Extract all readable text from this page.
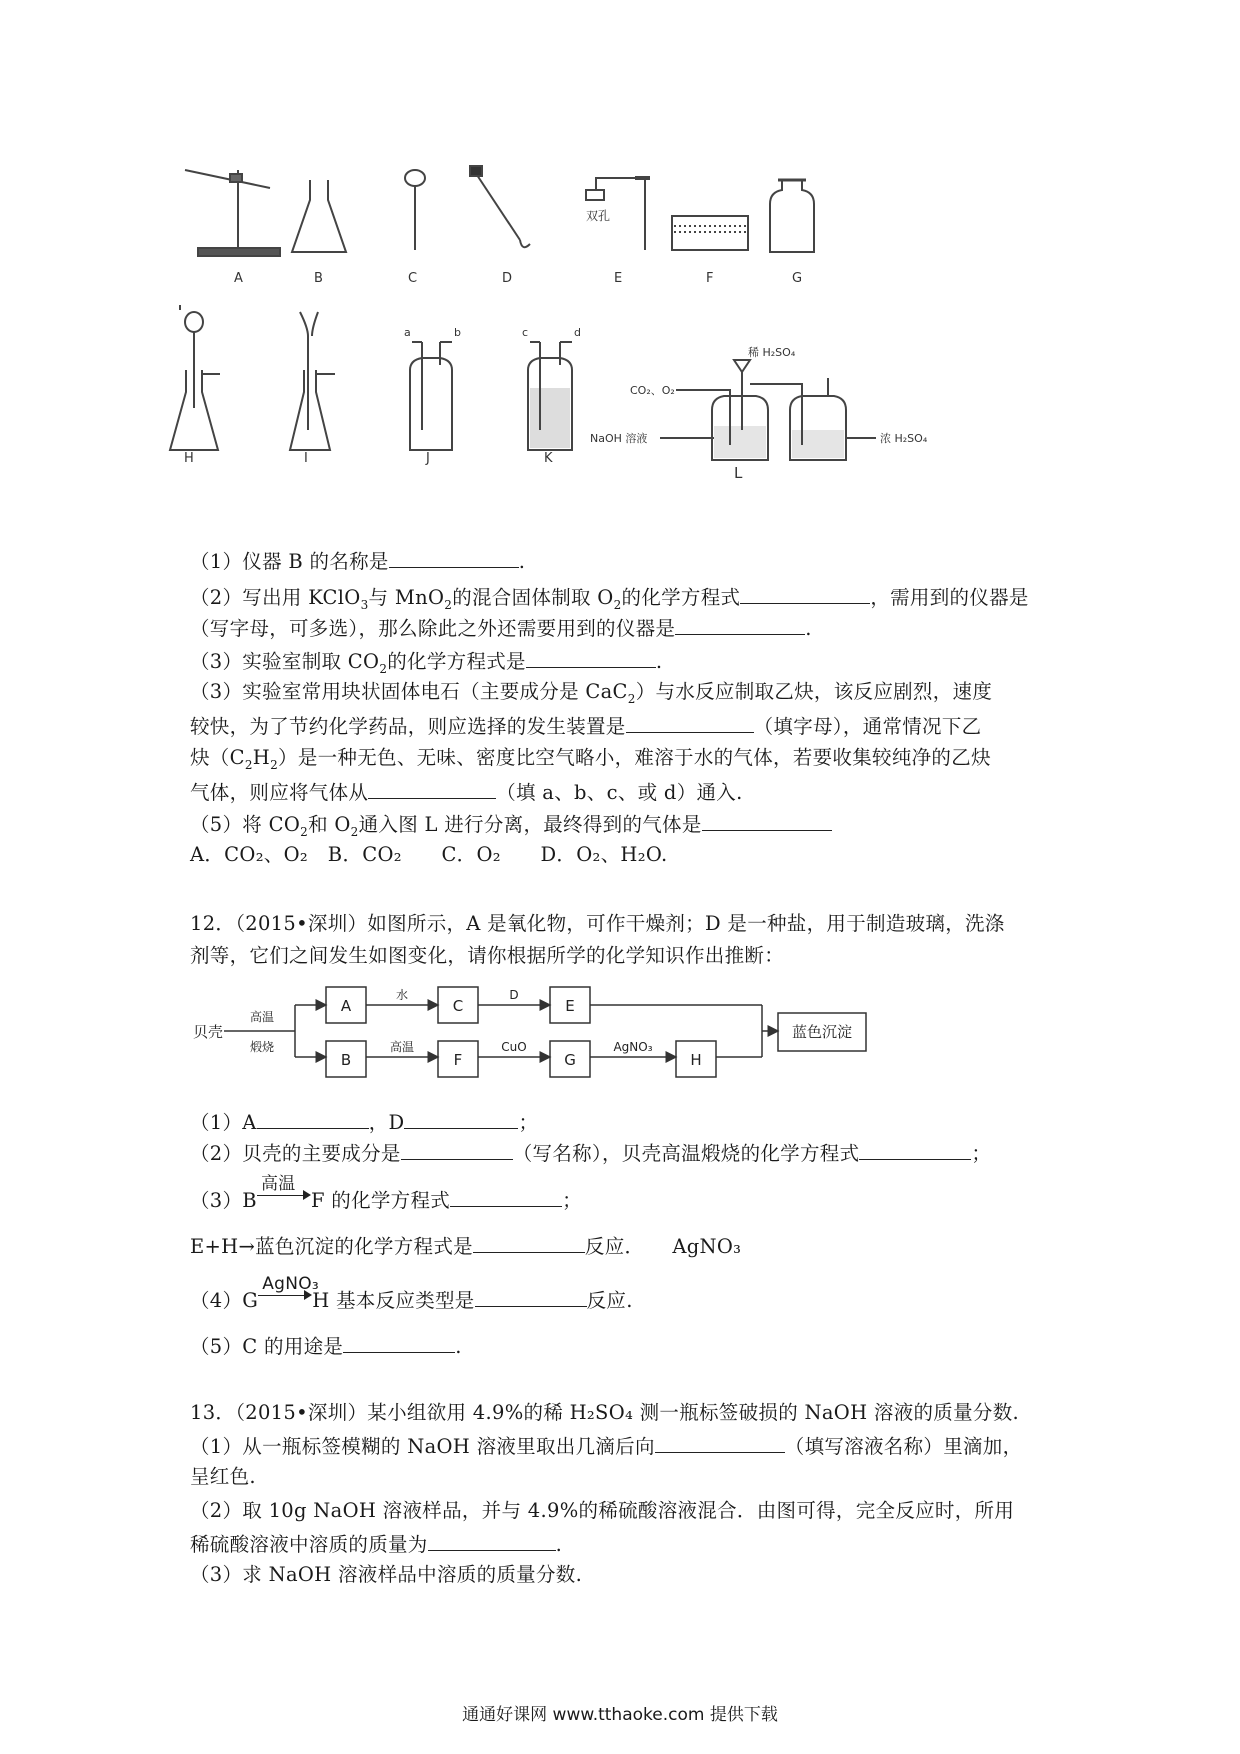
A	B	C	D	E	F	G
双孔
H	I	J	K
a	b	c	d
稀 H₂SO₄
CO₂、O₂
NaOH 溶液	浓 H₂SO₄
L
（1）仪器 B 的名称是	.
（2）写出用 KClO$_3$与 MnO$_2$的混合固体制取 $O_2$的化学方程式	，需用到的仪器是
（写字母，可多选），那么除此之外还需要用到的仪器是	.
（3）实验室制取 $CO_2$的化学方程式是	.
（3）实验室常用块状固体电石（主要成分是 CaC$_2$）与水反应制取乙炔，该反应剧烈，速度
较快，为了节约化学药品，则应选择的发生装置是	（填字母），通常情况下乙
炔$(C_2H_2)$是一种无色、无味、密度比空气略小，难溶于水的气体，若要收集较纯净的乙炔
气体，则应将气体从	（填 a、b、c、或 d）通入.
（5）将 $CO_2$和 $O_2$通入图 L 进行分离，最终得到的气体是
A．CO₂、O₂　B．CO₂　　C．O₂　　D．O₂、H₂O.
12．（2015•深圳）如图所示，A 是氧化物，可作干燥剂；D 是一种盐，用于制造玻璃，洗涤
剂等，它们之间发生如图变化，请你根据所学的化学知识作出推断：
贝壳
高温
煅烧
A	C	E
B	F	G	H
水	D
高温	CuO	AgNO₃
蓝色沉淀
（1）A	，D	；
（2）贝壳的主要成分是	（写名称），贝壳高温煅烧的化学方程式	；
（3）B
高温
F 的化学方程式	；
E+H→蓝色沉淀的化学方程式是	反应． AgNO₃
（4）G
AgNO₃
H 基本反应类型是	反应.
（5）C 的用途是	.
13．（2015•深圳）某小组欲用 4.9%的稀 H₂SO₄ 测一瓶标签破损的 NaOH 溶液的质量分数.
（1）从一瓶标签模糊的 NaOH 溶液里取出几滴后向	（填写溶液名称）里滴加，
呈红色.
（2）取 10g NaOH 溶液样品，并与 4.9%的稀硫酸溶液混合．由图可得，完全反应时，所用
稀硫酸溶液中溶质的质量为	.
（3）求 NaOH 溶液样品中溶质的质量分数.
通通好课网 www.tthaoke.com 提供下载
